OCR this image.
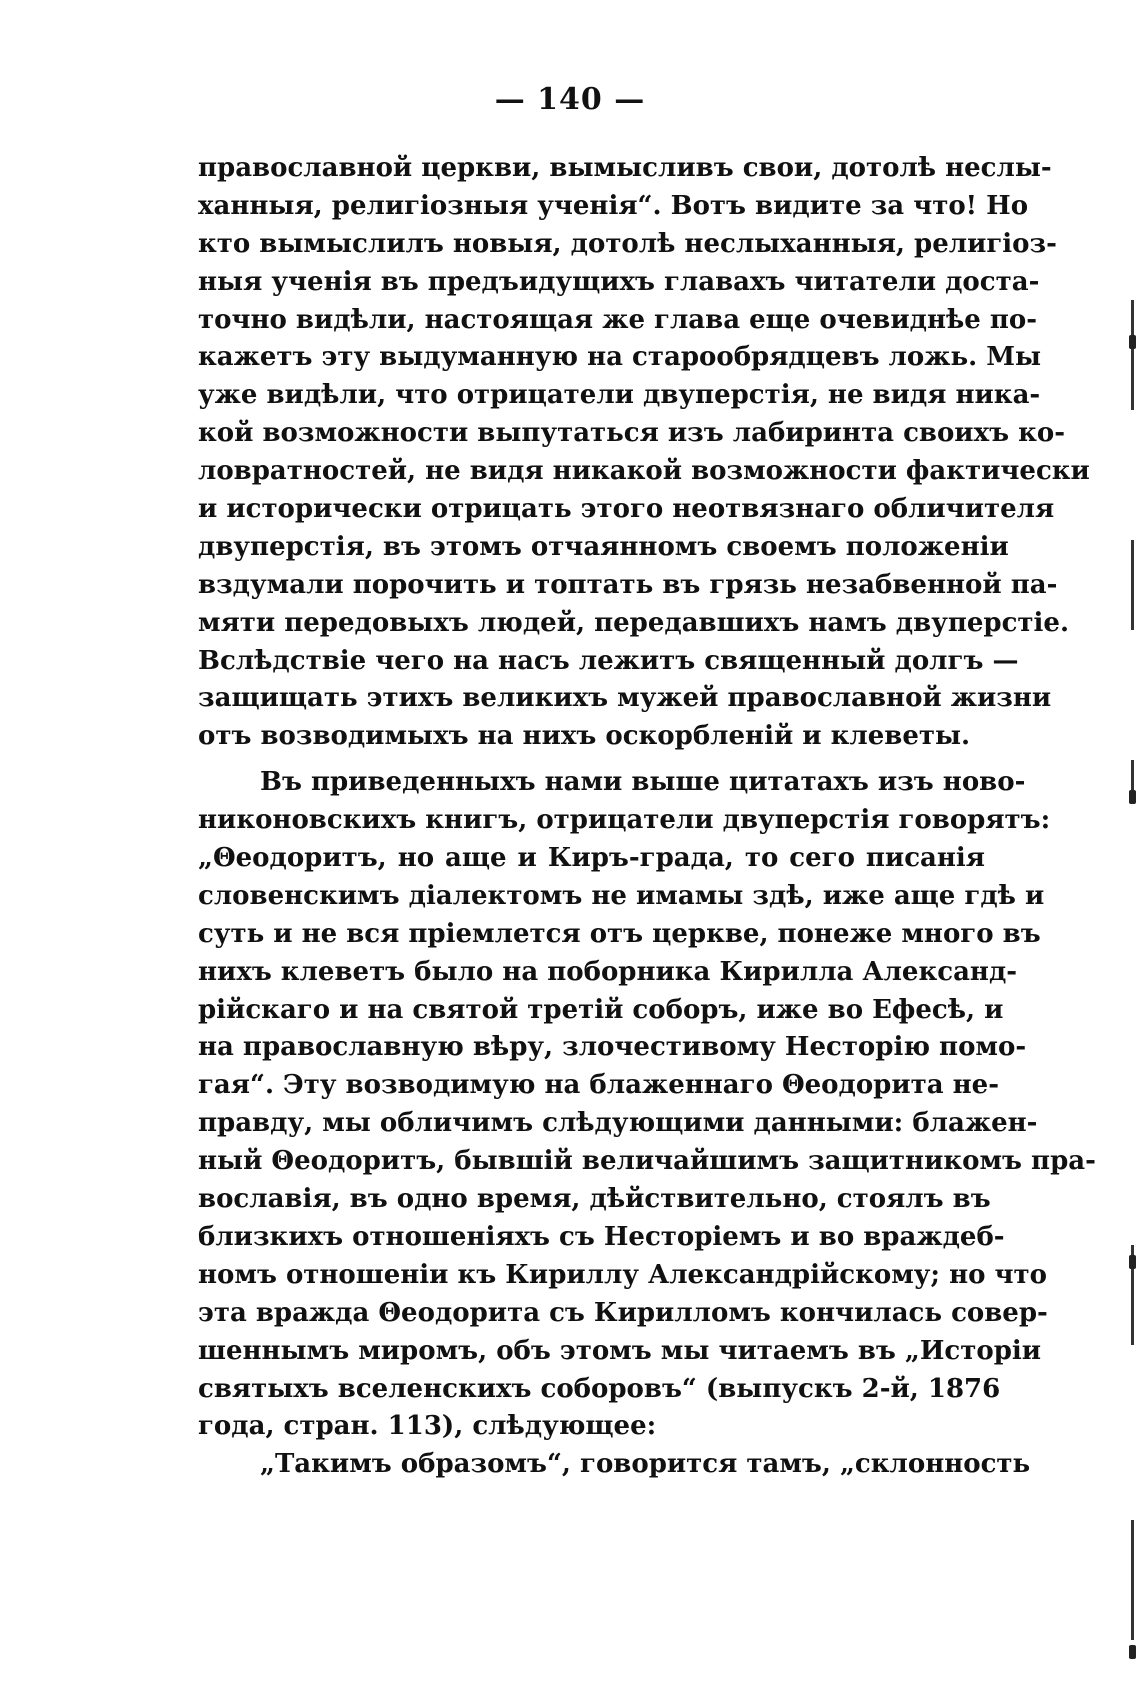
— 140 —
православной церкви, вымысливъ свои, дотолѣ неслы-
ханныя, религіозныя ученія“. Вотъ видите за что! Но
кто вымыслилъ новыя, дотолѣ неслыханныя, религіоз-
ныя ученія въ предъидущихъ главахъ читатели доста-
точно видѣли, настоящая же глава еще очевиднѣе по-
кажетъ эту выдуманную на старообрядцевъ ложь. Мы
уже видѣли, что отрицатели двуперстія, не видя ника-
кой возможности выпутаться изъ лабиринта своихъ ко-
ловратностей, не видя никакой возможности фактически
и исторически отрицать этого неотвязнаго обличителя
двуперстія, въ этомъ отчаянномъ своемъ положеніи
вздумали порочить и топтать въ грязь незабвенной па-
мяти передовыхъ людей, передавшихъ намъ двуперстіе.
Вслѣдствіе чего на насъ лежитъ священный долгъ —
защищать этихъ великихъ мужей православной жизни
отъ возводимыхъ на нихъ оскорбленій и клеветы.
Въ приведенныхъ нами выше цитатахъ изъ ново-
никоновскихъ книгъ, отрицатели двуперстія говорятъ:
„Θеодоритъ, но аще и Киръ-града, то сего писанія
словенскимъ діалектомъ не имамы здѣ, иже аще гдѣ и
суть и не вся пріемлется отъ церкве, понеже много въ
нихъ клеветъ было на поборника Кирилла Александ-
рійскаго и на святой третій соборъ, иже во Ефесѣ, и
на православную вѣру, злочестивому Несторію помо-
гая“. Эту возводимую на блаженнаго Θеодорита не-
правду, мы обличимъ слѣдующими данными: блажен-
ный Θеодоритъ, бывшій величайшимъ защитникомъ пра-
вославія, въ одно время, дѣйствительно, стоялъ въ
близкихъ отношеніяхъ съ Несторіемъ и во враждеб-
номъ отношеніи къ Кириллу Александрійскому; но что
эта вражда Θеодорита съ Кирилломъ кончилась совер-
шеннымъ миромъ, объ этомъ мы читаемъ въ „Исторіи
святыхъ вселенскихъ соборовъ“ (выпускъ 2-й, 1876
года, стран. 113), слѣдующее:
„Такимъ образомъ“, говорится тамъ, „склонность
